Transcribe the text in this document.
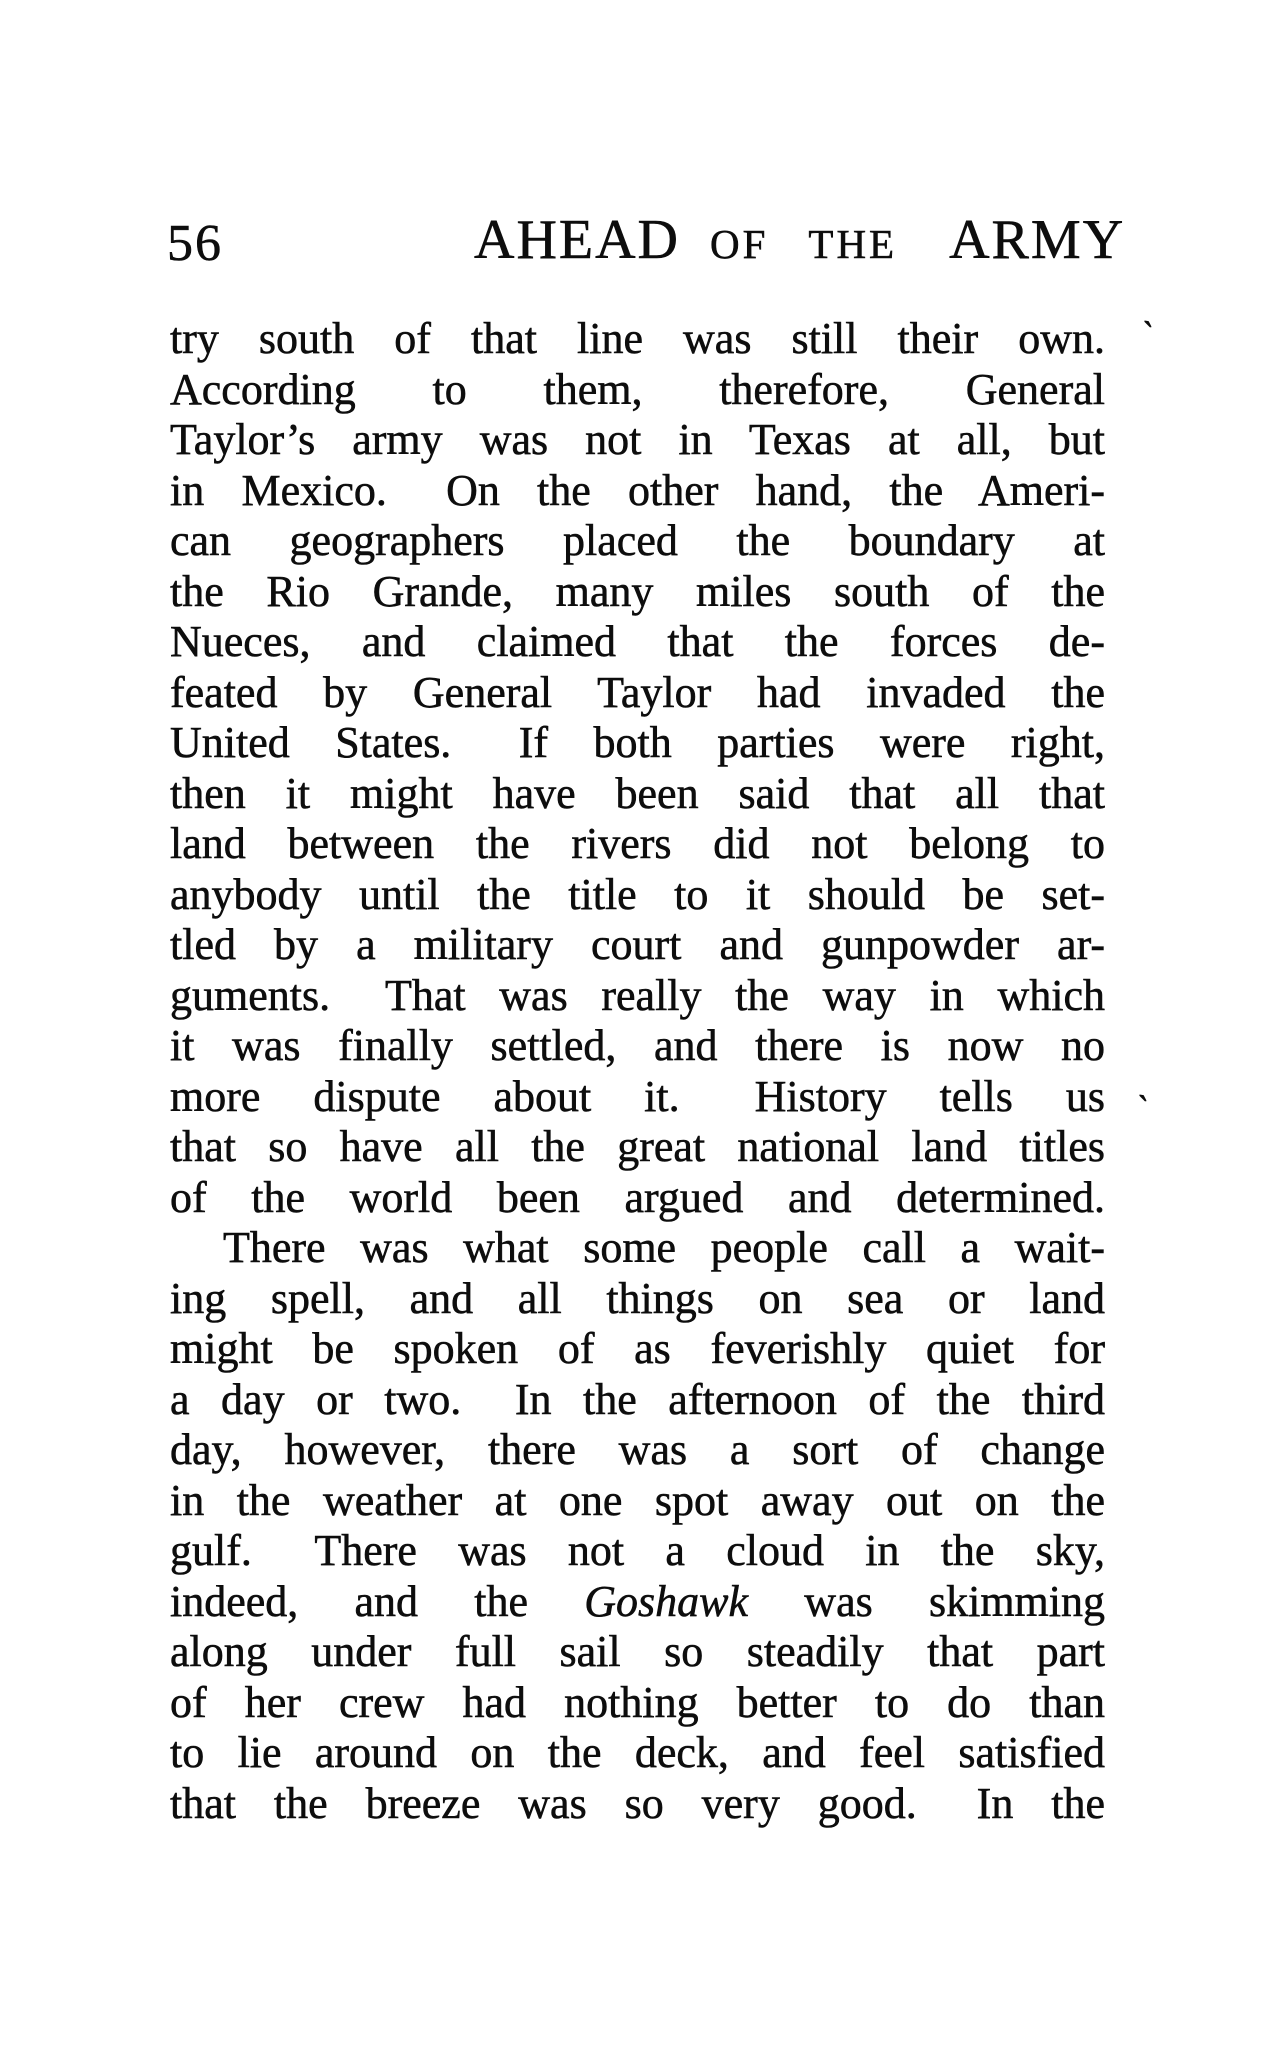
56	AHEAD OF THE ARMY
ˋ
ˋ
try south of that line was still their own.
According to them, therefore, General
Taylor’s army was not in Texas at all, but
in Mexico.  On the other hand, the Ameri-
can geographers placed the boundary at
the Rio Grande, many miles south of the
Nueces, and claimed that the forces de-
feated by General Taylor had invaded the
United States.  If both parties were right,
then it might have been said that all that
land between the rivers did not belong to
anybody until the title to it should be set-
tled by a military court and gunpowder ar-
guments.  That was really the way in which
it was finally settled, and there is now no
more dispute about it.  History tells us
that so have all the great national land titles
of the world been argued and determined.
There was what some people call a wait-
ing spell, and all things on sea or land
might be spoken of as feverishly quiet for
a day or two.  In the afternoon of the third
day, however, there was a sort of change
in the weather at one spot away out on the
gulf.  There was not a cloud in the sky,
indeed, and the Goshawk was skimming
along under full sail so steadily that part
of her crew had nothing better to do than
to lie around on the deck, and feel satisfied
that the breeze was so very good.  In the
